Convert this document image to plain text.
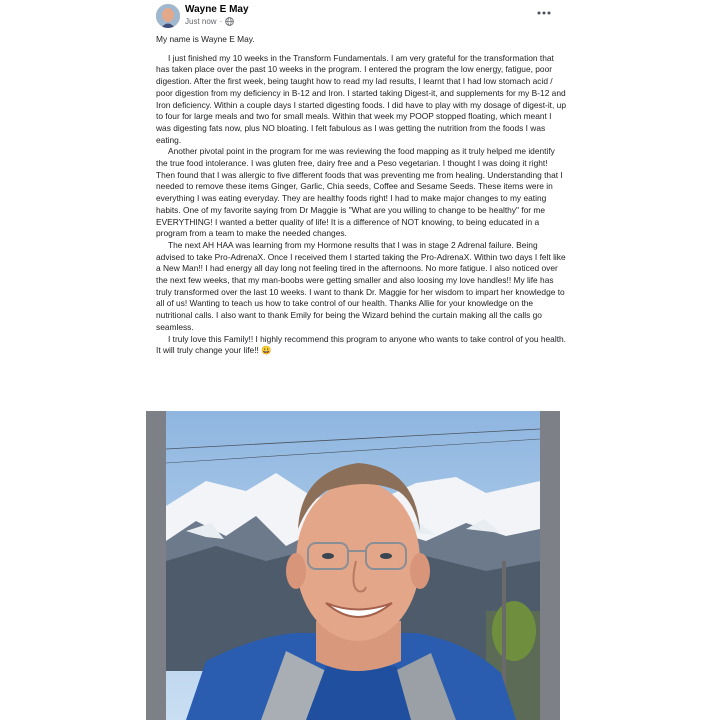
Wayne E May
Just now ·

My name is Wayne E May.

I just finished my 10 weeks in the Transform Fundamentals. I am very grateful for the transformation that has taken place over the past 10 weeks in the program. I entered the program the low energy, fatigue, poor digestion. After the first week, being taught how to read my lad results, I learnt that I had low stomach acid / poor digestion from my deficiency in B-12 and Iron. I started taking Digest-it, and supplements for my B-12 and Iron deficiency. Within a couple days I started digesting foods. I did have to play with my dosage of digest-it, up to four for large meals and two for small meals. Within that week my POOP stopped floating, which meant I was digesting fats now, plus NO bloating. I felt fabulous as I was getting the nutrition from the foods I was eating.

Another pivotal point in the program for me was reviewing the food mapping as it truly helped me identify the true food intolerance. I was gluten free, dairy free and a Peso vegetarian. I thought I was doing it right! Then found that I was allergic to five different foods that was preventing me from healing. Understanding that I needed to remove these items Ginger, Garlic, Chia seeds, Coffee and Sesame Seeds. These items were in everything I was eating everyday. They are healthy foods right! I had to make major changes to my eating habits. One of my favorite saying from Dr Maggie is "What are you willing to change to be healthy" for me EVERYTHING! I wanted a better quality of life! It is a difference of NOT knowing, to being educated in a program from a team to make the needed changes.

The next AH HAA was learning from my Hormone results that I was in stage 2 Adrenal failure. Being advised to take Pro-AdrenaX. Once I received them I started taking the Pro-AdrenaX. Within two days I felt like a New Man!! I had energy all day long not feeling tired in the afternoons. No more fatigue. I also noticed over the next few weeks, that my man-boobs were getting smaller and also loosing my love handles!! My life has truly transformed over the last 10 weeks. I want to thank Dr. Maggie for her wisdom to impart her knowledge to all of us! Wanting to teach us how to take control of our health. Thanks Allie for your knowledge on the nutritional calls. I also want to thank Emily for being the Wizard behind the curtain making all the calls go seamless.

I truly love this Family!! I highly recommend this program to anyone who wants to take control of you health. It will truly change your life!! 😀
